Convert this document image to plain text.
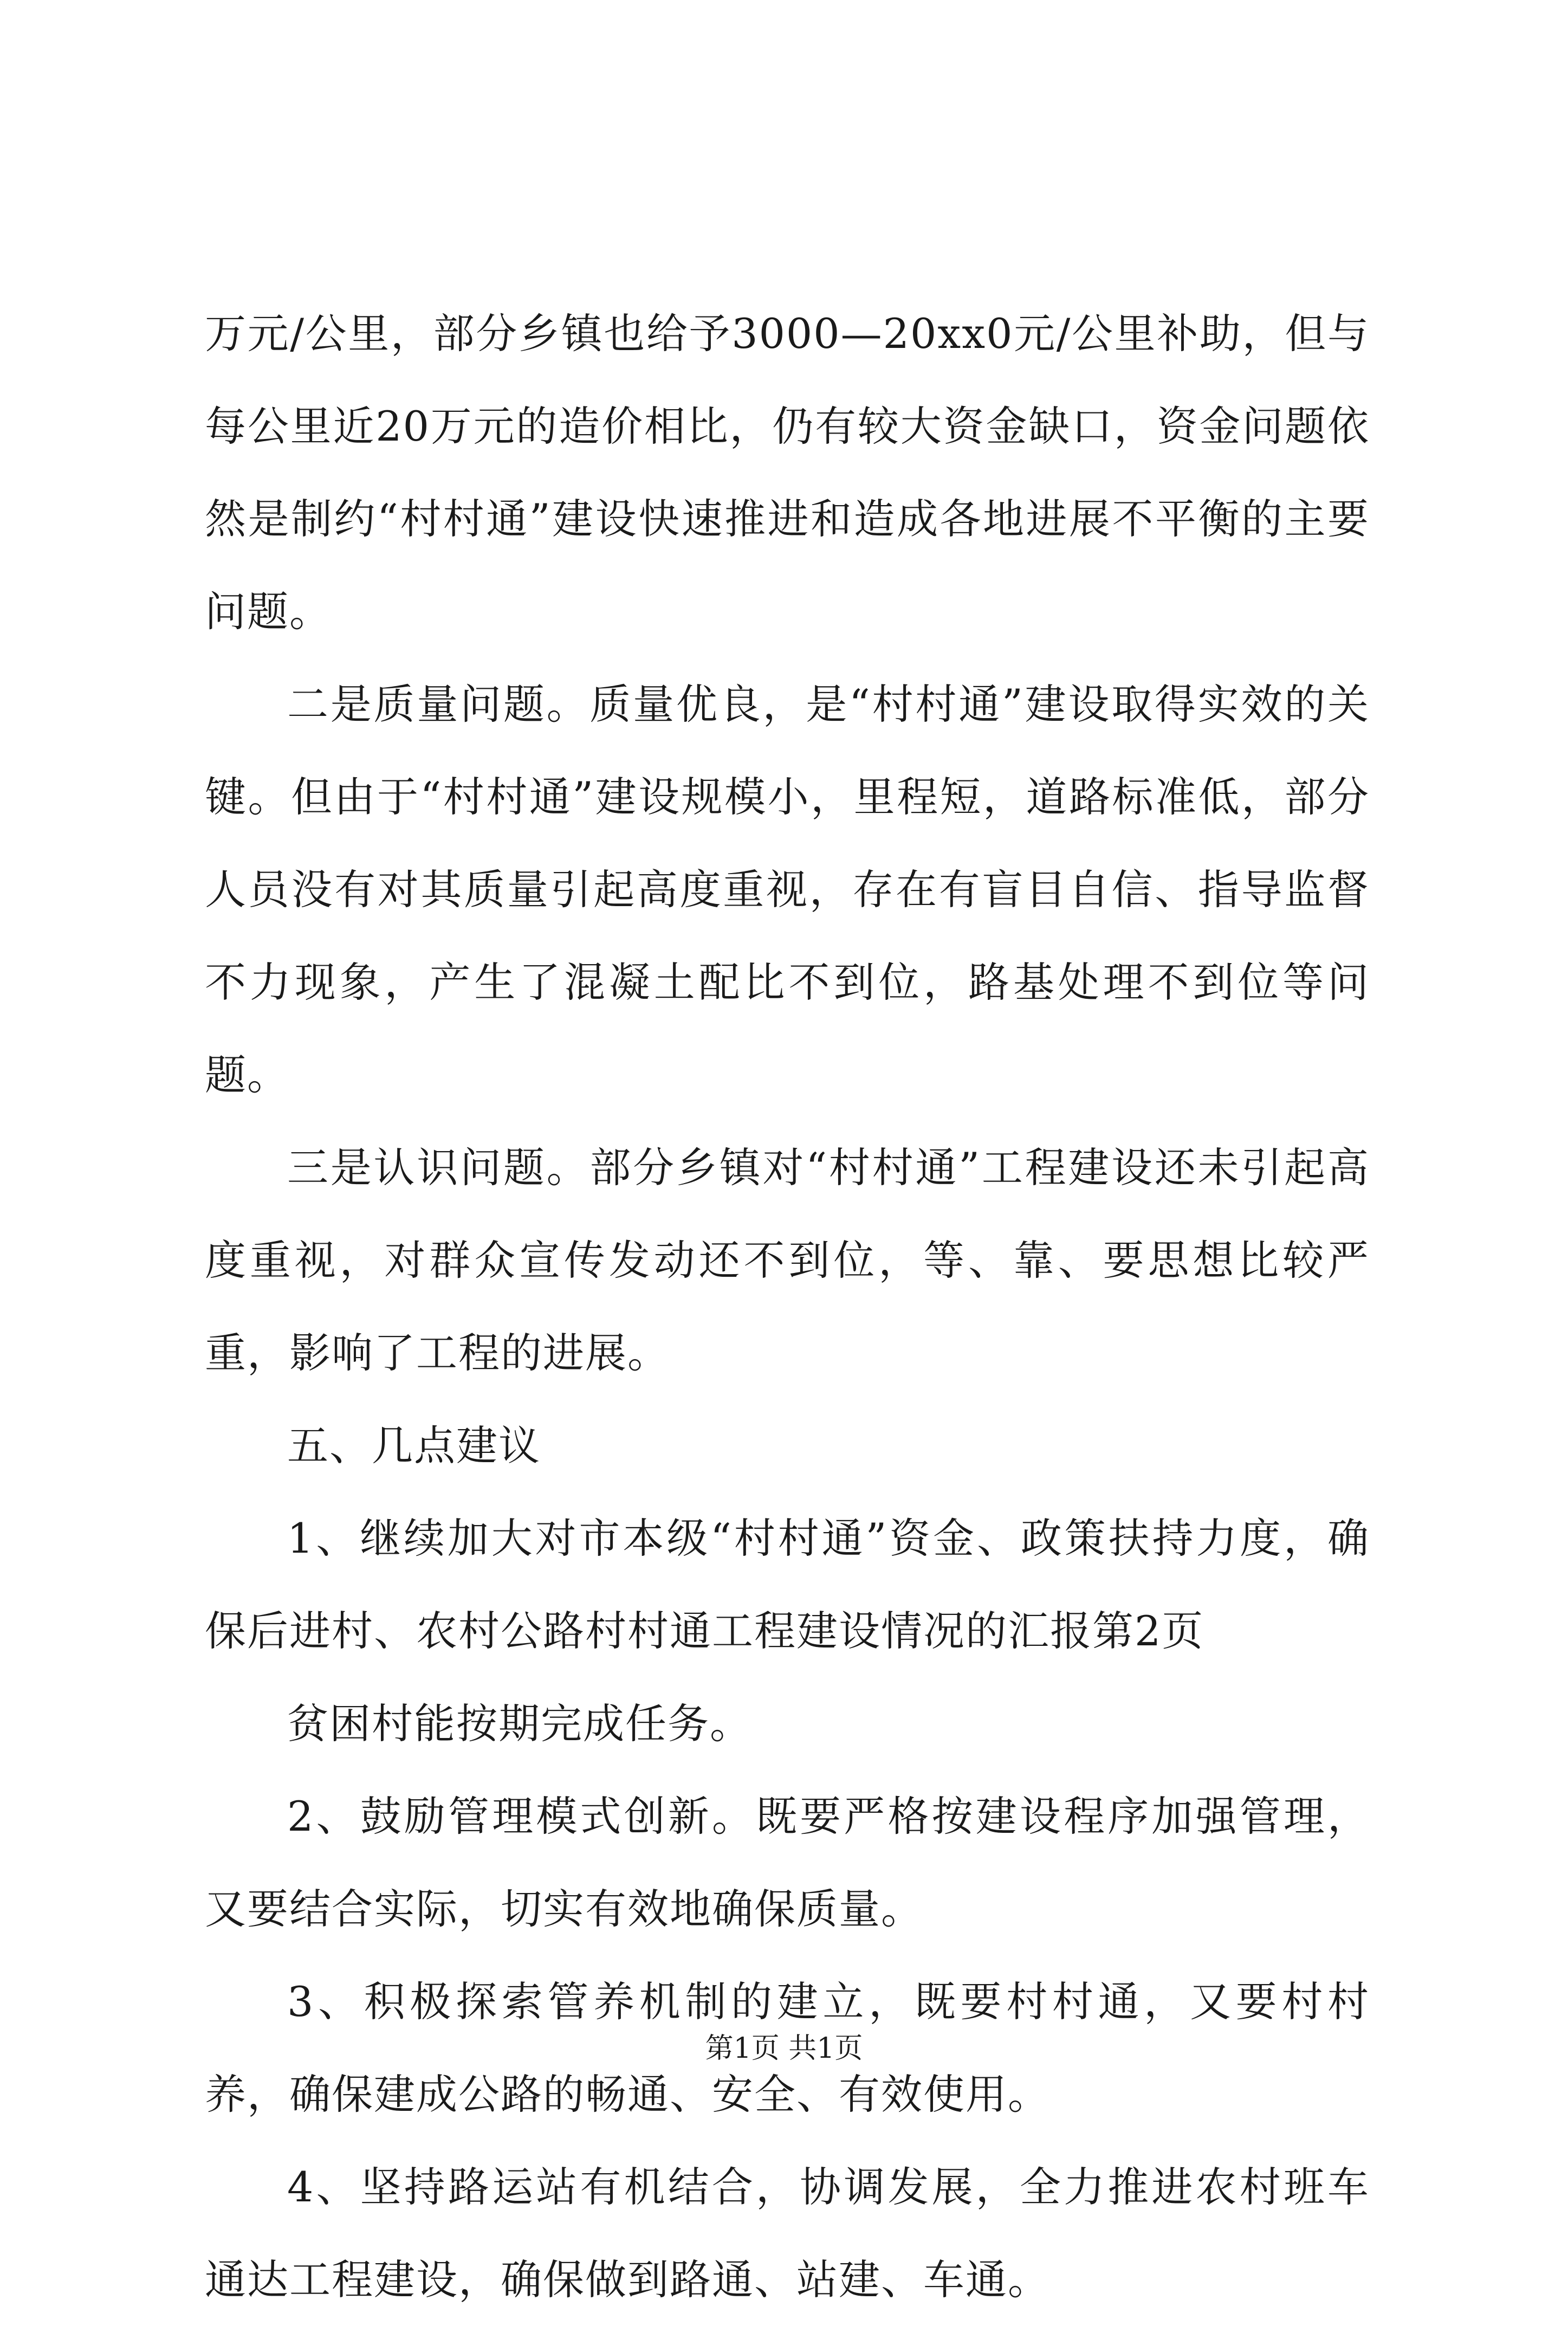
万元/公里，部分乡镇也给予3000—20xx0元/公里补助，但与每公里近20万元的造价相比，仍有较大资金缺口，资金问题依然是制约“村村通”建设快速推进和造成各地进展不平衡的主要问题。

二是质量问题。质量优良，是“村村通”建设取得实效的关键。但由于“村村通”建设规模小，里程短，道路标准低，部分人员没有对其质量引起高度重视，存在有盲目自信、指导监督不力现象，产生了混凝土配比不到位，路基处理不到位等问题。

三是认识问题。部分乡镇对“村村通”工程建设还未引起高度重视，对群众宣传发动还不到位，等、靠、要思想比较严重，影响了工程的进展。

五、几点建议

1、继续加大对市本级“村村通”资金、政策扶持力度，确保后进村、农村公路村村通工程建设情况的汇报第2页

贫困村能按期完成任务。

2、鼓励管理模式创新。既要严格按建设程序加强管理，又要结合实际，切实有效地确保质量。

3、积极探索管养机制的建立，既要村村通，又要村村养，确保建成公路的畅通、安全、有效使用。

4、坚持路运站有机结合，协调发展，全力推进农村班车通达工程建设，确保做到路通、站建、车通。

第1页 共1页
